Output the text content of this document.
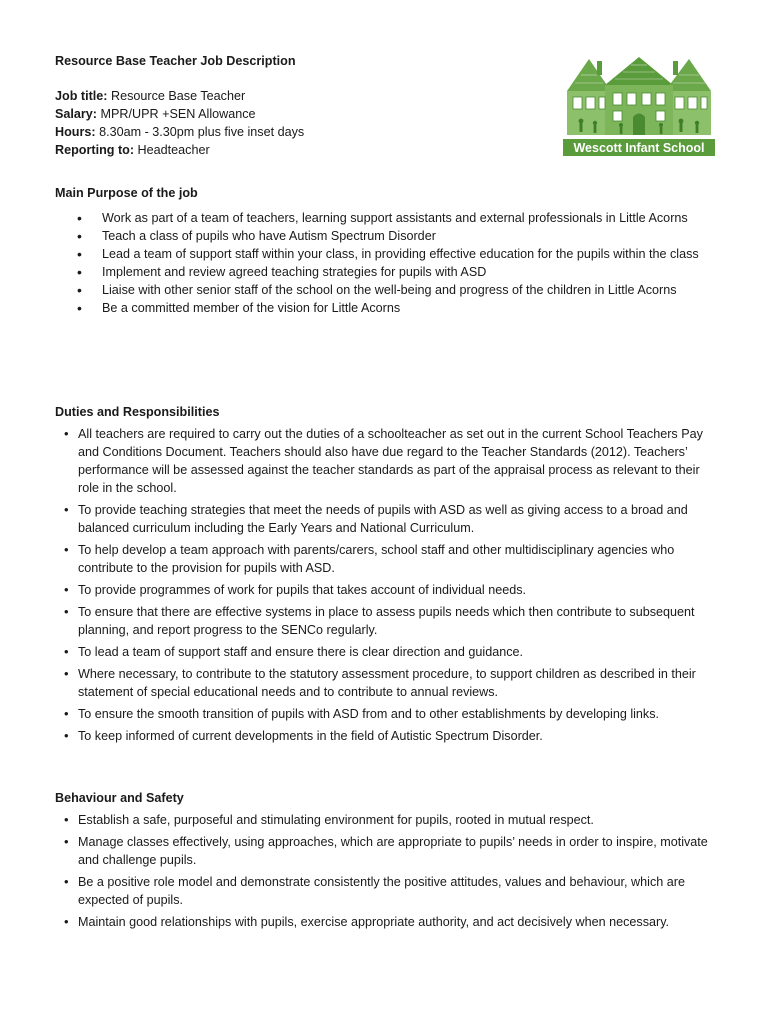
Resource Base Teacher Job Description
Job title: Resource Base Teacher
Salary: MPR/UPR +SEN Allowance
Hours: 8.30am - 3.30pm plus five inset days
Reporting to: Headteacher	Wescott Infant School
Main Purpose of the job
• Work as part of a team of teachers, learning support assistants and external professionals in Little Acorns
• Teach a class of pupils who have Autism Spectrum Disorder
• Lead a team of support staff within your class, in providing effective education for the pupils within the class
• Implement and review agreed teaching strategies for pupils with ASD
• Liaise with other senior staff of the school on the well-being and progress of the children in Little Acorns
• Be a committed member of the vision for Little Acorns
Duties and Responsibilities
• All teachers are required to carry out the duties of a schoolteacher as set out in the current School Teachers Pay and Conditions Document. Teachers should also have due regard to the Teacher Standards (2012). Teachers’ performance will be assessed against the teacher standards as part of the appraisal process as relevant to their role in the school.
• To provide teaching strategies that meet the needs of pupils with ASD as well as giving access to a broad and balanced curriculum including the Early Years and National Curriculum.
• To help develop a team approach with parents/carers, school staff and other multidisciplinary agencies who contribute to the provision for pupils with ASD.
• To provide programmes of work for pupils that takes account of individual needs.
• To ensure that there are effective systems in place to assess pupils needs which then contribute to subsequent planning, and report progress to the SENCo regularly.
• To lead a team of support staff and ensure there is clear direction and guidance.
• Where necessary, to contribute to the statutory assessment procedure, to support children as described in their statement of special educational needs and to contribute to annual reviews.
• To ensure the smooth transition of pupils with ASD from and to other establishments by developing links.
• To keep informed of current developments in the field of Autistic Spectrum Disorder.
Behaviour and Safety
• Establish a safe, purposeful and stimulating environment for pupils, rooted in mutual respect.
• Manage classes effectively, using approaches, which are appropriate to pupils’ needs in order to inspire, motivate and challenge pupils.
• Be a positive role model and demonstrate consistently the positive attitudes, values and behaviour, which are expected of pupils.
• Maintain good relationships with pupils, exercise appropriate authority, and act decisively when necessary.
